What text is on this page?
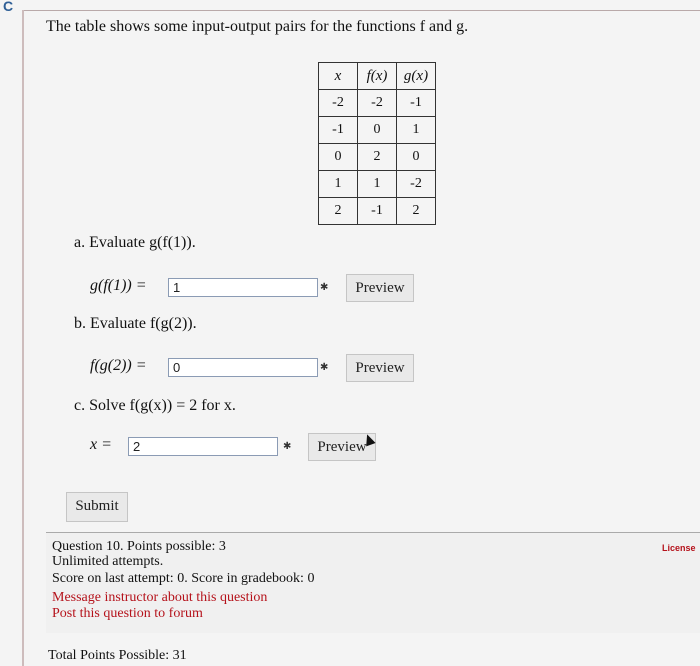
C
The table shows some input-output pairs for the functions f and g.
x	f(x)	g(x)
-2	-2	-1
-1	0	1
0	2	0
1	1	-2
2	-1	2
a. Evaluate g(f(1)).
g(f(1)) =
1	✱	Preview
b. Evaluate f(g(2)).
f(g(2)) =
0	✱	Preview
c. Solve f(g(x)) = 2 for x.
x =
2	✱	Preview
Submit
Question 10. Points possible: 3
Unlimited attempts.
Score on last attempt: 0. Score in gradebook: 0
Message instructor about this question
Post this question to forum
License
Total Points Possible: 31
